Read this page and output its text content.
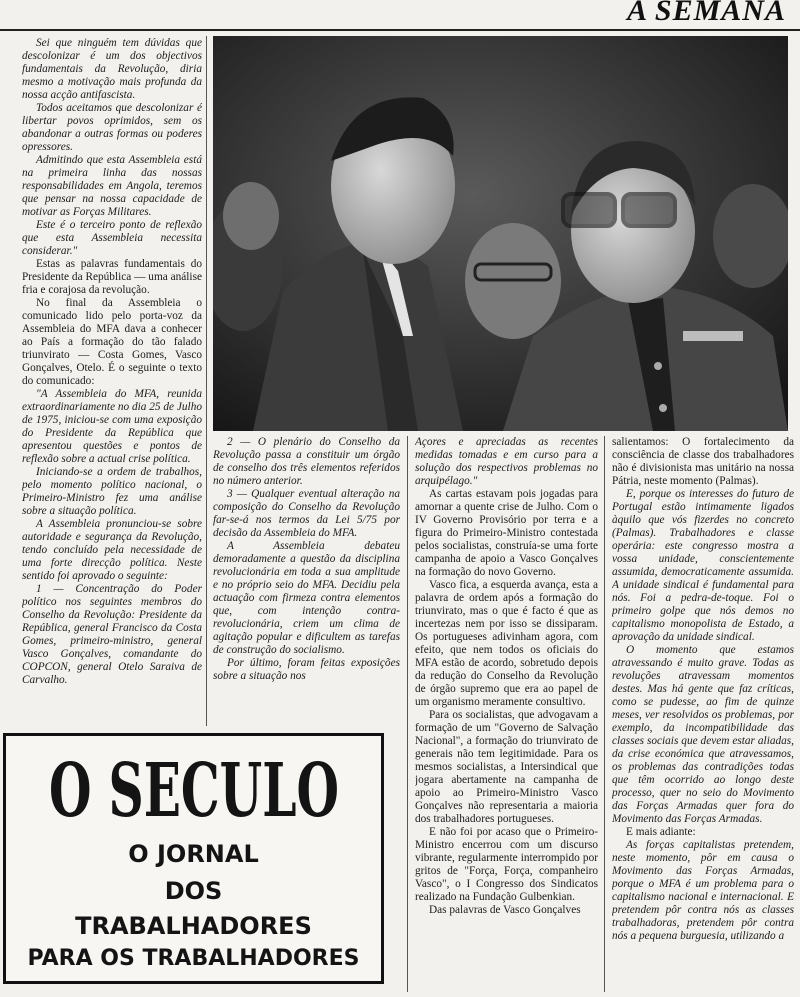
A SEMANA

Sei que ninguém tem dúvidas que descolonizar é um dos objectivos fundamentais da Revolução, diria mesmo a motivação mais profunda da nossa acção antifascista.

Todos aceitamos que descolonizar é libertar povos oprimidos, sem os abandonar a outras formas ou poderes opressores.

Admitindo que esta Assembleia está na primeira linha das nossas responsabilidades em Angola, teremos que pensar na nossa capacidade de motivar as Forças Militares.

Este é o terceiro ponto de reflexão que esta Assembleia necessita considerar."

Estas as palavras fundamentais do Presidente da República — uma análise fria e corajosa da revolução.

No final da Assembleia o comunicado lido pelo porta-voz da Assembleia do MFA dava a conhecer ao País a formação do tão falado triunvirato — Costa Gomes, Vasco Gonçalves, Otelo. É o seguinte o texto do comunicado:

"A Assembleia do MFA, reunida extraordinariamente no dia 25 de Julho de 1975, iniciou-se com uma exposição do Presidente da República que apresentou questões e pontos de reflexão sobre a actual crise política.

Iniciando-se a ordem de trabalhos, pelo momento político nacional, o Primeiro-Ministro fez uma análise sobre a situação política.

A Assembleia pronunciou-se sobre autoridade e segurança da Revolução, tendo concluído pela necessidade de uma forte direcção política. Neste sentido foi aprovado o seguinte:

1 — Concentração do Poder político nos seguintes membros do Conselho da Revolução: Presidente da República, general Francisco da Costa Gomes, primeiro-ministro, general Vasco Gonçalves, comandante do COPCON, general Otelo Saraiva de Carvalho.

2 — O plenário do Conselho da Revolução passa a constituir um órgão de conselho dos três elementos referidos no número anterior.

3 — Qualquer eventual alteração na composição do Conselho da Revolução far-se-á nos termos da Lei 5/75 por decisão da Assembleia do MFA.

A Assembleia debateu demoradamente a questão da disciplina revolucionária em toda a sua amplitude e no próprio seio do MFA. Decidiu pela actuação com firmeza contra elementos que, com intenção contra-revolucionária, criem um clima de agitação popular e dificultem as tarefas de construção do socialismo.

Por último, foram feitas exposições sobre a situação nos

Açores e apreciadas as recentes medidas tomadas e em curso para a solução dos respectivos problemas no arquipélago."

As cartas estavam pois jogadas para amornar a quente crise de Julho. Com o IV Governo Provisório por terra e a figura do Primeiro-Ministro contestada pelos socialistas, construía-se uma forte campanha de apoio a Vasco Gonçalves na formação do novo Governo.

Vasco fica, a esquerda avança, esta a palavra de ordem após a formação do triunvirato, mas o que é facto é que as incertezas nem por isso se dissiparam. Os portugueses adivinham agora, com efeito, que nem todos os oficiais do MFA estão de acordo, sobretudo depois da redução do Conselho da Revolução de órgão supremo que era ao papel de um organismo meramente consultivo.

Para os socialistas, que advogavam a formação de um "Governo de Salvação Nacional", a formação do triunvirato de generais não tem legitimidade. Para os mesmos socialistas, a Intersindical que jogara abertamente na campanha de apoio ao Primeiro-Ministro Vasco Gonçalves não representaria a maioria dos trabalhadores portugueses.

E não foi por acaso que o Primeiro-Ministro encerrou com um discurso vibrante, regularmente interrompido por gritos de "Força, Força, companheiro Vasco", o I Congresso dos Sindicatos realizado na Fundação Gulbenkian.

Das palavras de Vasco Gonçalves

salientamos: O fortalecimento da consciência de classe dos trabalhadores não é divisionista mas unitário na nossa Pátria, neste momento (Palmas).

E, porque os interesses do futuro de Portugal estão intimamente ligados àquilo que vós fizerdes no concreto (Palmas). Trabalhadores e classe operária: este congresso mostra a vossa unidade, conscientemente assumida, democraticamente assumida. A unidade sindical é fundamental para nós. Foi a pedra-de-toque. Foi o primeiro golpe que nós demos no capitalismo monopolista de Estado, a aprovação da unidade sindical.

O momento que estamos atravessando é muito grave. Todas as revoluções atravessam momentos destes. Mas há gente que faz críticas, como se pudesse, ao fim de quinze meses, ver resolvidos os problemas, por exemplo, da incompatibilidade das classes sociais que devem estar aliadas, da crise económica que atravessamos, os problemas das contradições todas que têm ocorrido ao longo deste processo, quer no seio do Movimento das Forças Armadas quer fora do Movimento das Forças Armadas.

E mais adiante:

As forças capitalistas pretendem, neste momento, pôr em causa o Movimento das Forças Armadas, porque o MFA é um problema para o capitalismo nacional e internacional. E pretendem pôr contra nós as classes trabalhadoras, pretendem pôr contra nós a pequena burguesia, utilizando a

O SECULO
O JORNAL
DOS
TRABALHADORES
PARA OS TRABALHADORES
